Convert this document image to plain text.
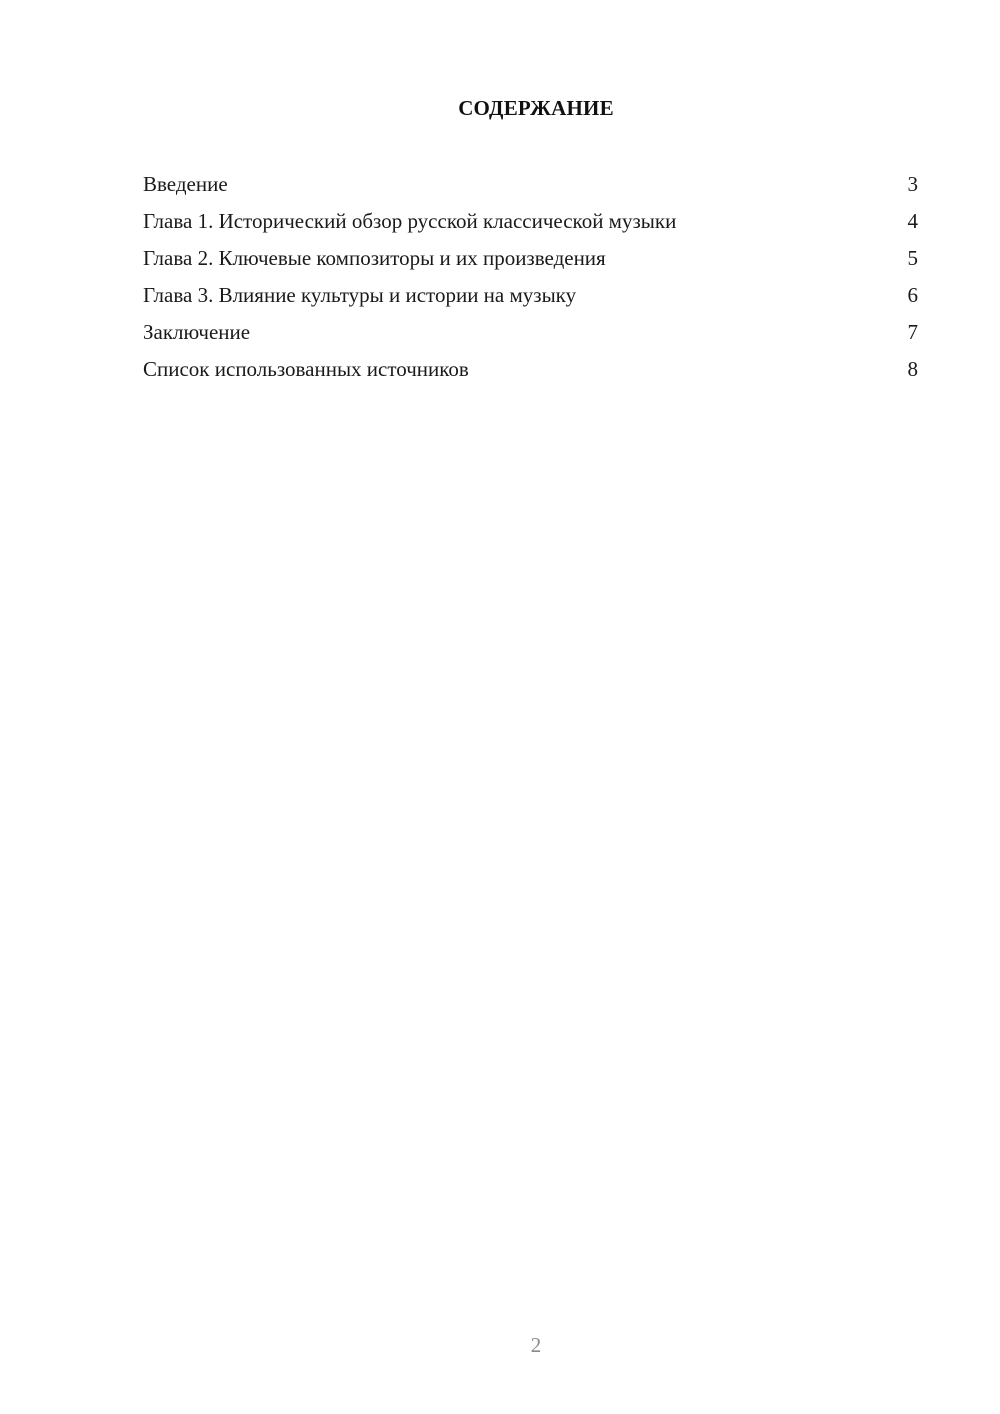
СОДЕРЖАНИЕ
Введение	3
Глава 1. Исторический обзор русской классической музыки	4
Глава 2. Ключевые композиторы и их произведения	5
Глава 3. Влияние культуры и истории на музыку	6
Заключение	7
Список использованных источников	8
2
